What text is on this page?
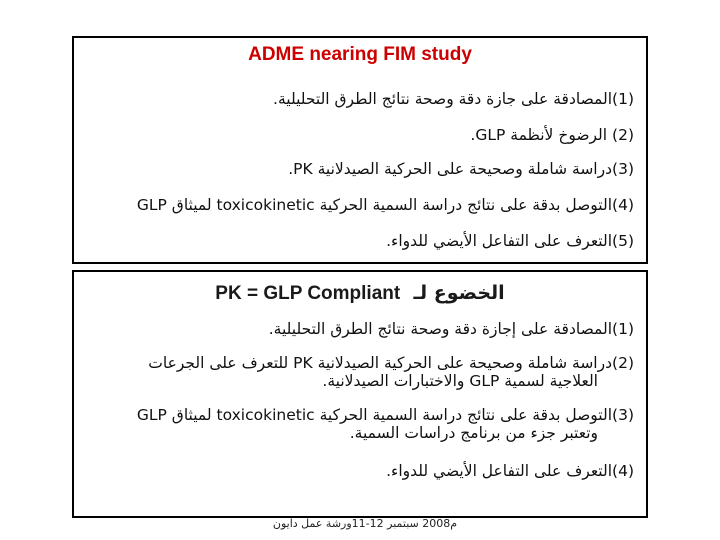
ADME nearing FIM study
(1)المصادقة على جازة دقة وصحة نتائج الطرق التحليلية.
(2) الرضوخ لأنظمة GLP.
(3)دراسة شاملة وصحيحة على الحركية الصيدلانية PK.
(4)التوصل بدقة على نتائج دراسة السمية الحركية toxicokinetic لميثاق GLP
(5)التعرف على التفاعل الأيضي للدواء.
PK = GLP Compliant الخضوع لـ
(1)المصادقة على إجازة دقة وصحة نتائج الطرق التحليلية.
(2)دراسة شاملة وصحيحة على الحركية الصيدلانية PK للتعرف على الجرعات
العلاجية لسمية GLP والاختبارات الصيدلانية.
(3)التوصل بدقة على نتائج دراسة السمية الحركية toxicokinetic لميثاق GLP
وتعتبر جزء من برنامج دراسات السمية.
(4)التعرف على التفاعل الأيضي للدواء.
م2008 سبتمبر 12-11ورشة عمل دايون
